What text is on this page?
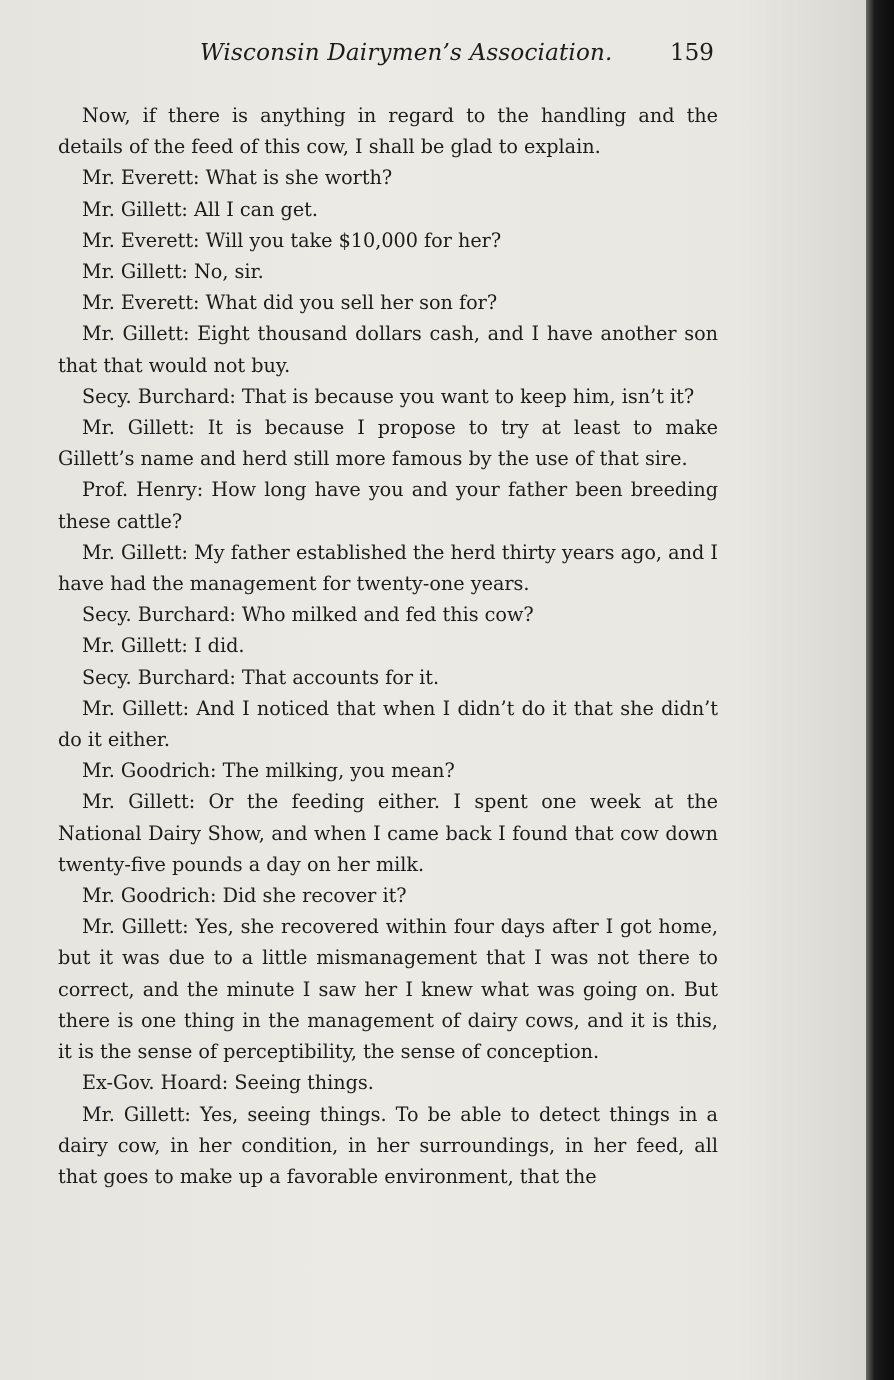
Wisconsin Dairymen’s Association. 159

Now, if there is anything in regard to the handling and the details of the feed of this cow, I shall be glad to explain.

Mr. Everett: What is she worth?

Mr. Gillett: All I can get.

Mr. Everett: Will you take $10,000 for her?

Mr. Gillett: No, sir.

Mr. Everett: What did you sell her son for?

Mr. Gillett: Eight thousand dollars cash, and I have another son that that would not buy.

Secy. Burchard: That is because you want to keep him, isn’t it?

Mr. Gillett: It is because I propose to try at least to make Gillett’s name and herd still more famous by the use of that sire.

Prof. Henry: How long have you and your father been breeding these cattle?

Mr. Gillett: My father established the herd thirty years ago, and I have had the management for twenty-one years.

Secy. Burchard: Who milked and fed this cow?

Mr. Gillett: I did.

Secy. Burchard: That accounts for it.

Mr. Gillett: And I noticed that when I didn’t do it that she didn’t do it either.

Mr. Goodrich: The milking, you mean?

Mr. Gillett: Or the feeding either. I spent one week at the National Dairy Show, and when I came back I found that cow down twenty-five pounds a day on her milk.

Mr. Goodrich: Did she recover it?

Mr. Gillett: Yes, she recovered within four days after I got home, but it was due to a little mismanagement that I was not there to correct, and the minute I saw her I knew what was going on. But there is one thing in the management of dairy cows, and it is this, it is the sense of perceptibility, the sense of conception.

Ex-Gov. Hoard: Seeing things.

Mr. Gillett: Yes, seeing things. To be able to detect things in a dairy cow, in her condition, in her surroundings, in her feed, all that goes to make up a favorable environment, that the
